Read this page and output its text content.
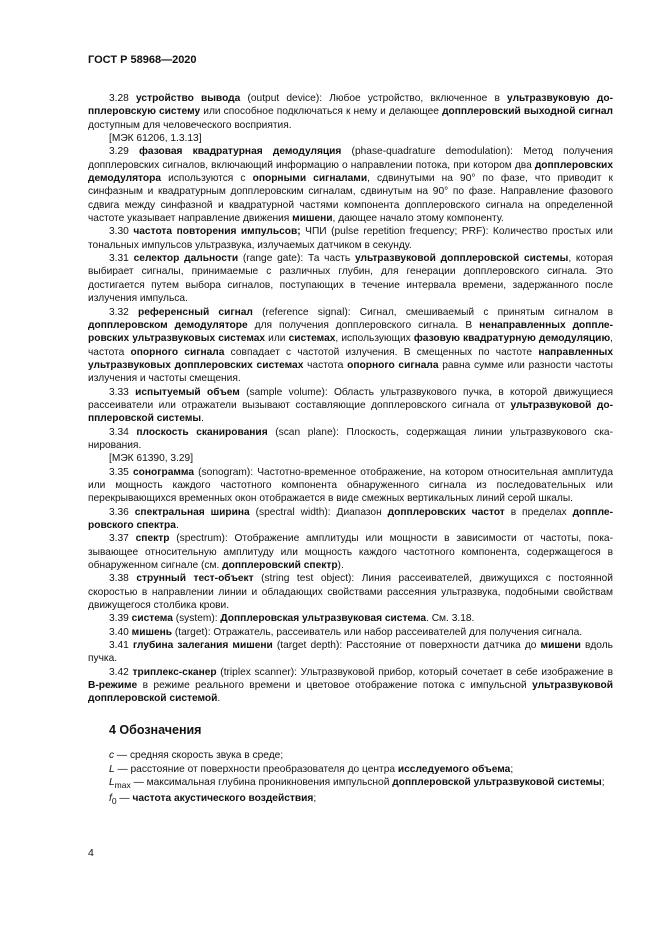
ГОСТ Р 58968—2020

3.28 устройство вывода (output device): Любое устройство, включенное в ультразвуковую допплеровскую систему или способное подключаться к нему и делающее допплеровский выходной сигнал доступным для человеческого восприятия.

[МЭК 61206, 1.3.13]

3.29 фазовая квадратурная демодуляция (phase-quadrature demodulation): Метод получения допплеровских сигналов, включающий информацию о направлении потока, при котором два допплеровских демодулятора используются с опорными сигналами, сдвинутыми на 90° по фазе, что приводит к синфазным и квадратурным допплеровским сигналам, сдвинутым на 90° по фазе. Направление фазового сдвига между синфазной и квадратурной частями компонента допплеровского сигнала на определенной частоте указывает направление движения мишени, дающее начало этому компоненту.

3.30 частота повторения импульсов; ЧПИ (pulse repetition frequency; PRF): Количество простых или тональных импульсов ультразвука, излучаемых датчиком в секунду.

3.31 селектор дальности (range gate): Та часть ультразвуковой допплеровской системы, которая выбирает сигналы, принимаемые с различных глубин, для генерации допплеровского сигнала. Это достигается путем выбора сигналов, поступающих в течение интервала времени, задержанного после излучения импульса.

3.32 референсный сигнал (reference signal): Сигнал, смешиваемый с принятым сигналом в допплеровском демодуляторе для получения допплеровского сигнала. В ненаправленных допплеровских ультразвуковых системах или системах, использующих фазовую квадратурную демодуляцию, частота опорного сигнала совпадает с частотой излучения. В смещенных по частоте направленных ультразвуковых допплеровских системах частота опорного сигнала равна сумме или разности частоты излучения и частоты смещения.

3.33 испытуемый объем (sample volume): Область ультразвукового пучка, в которой движущиеся рассеиватели или отражатели вызывают составляющие допплеровского сигнала от ультразвуковой допплеровской системы.

3.34 плоскость сканирования (scan plane): Плоскость, содержащая линии ультразвукового сканирования.

[МЭК 61390, 3.29]

3.35 сонограмма (sonogram): Частотно-временное отображение, на котором относительная амплитуда или мощность каждого частотного компонента обнаруженного сигнала из последовательных или перекрывающихся временных окон отображается в виде смежных вертикальных линий серой шкалы.

3.36 спектральная ширина (spectral width): Диапазон допплеровских частот в пределах допплеровского спектра.

3.37 спектр (spectrum): Отображение амплитуды или мощности в зависимости от частоты, показывающее относительную амплитуду или мощность каждого частотного компонента, содержащегося в обнаруженном сигнале (см. допплеровский спектр).

3.38 струнный тест-объект (string test object): Линия рассеивателей, движущихся с постоянной скоростью в направлении линии и обладающих свойствами рассеяния ультразвука, подобными свойствам движущегося столбика крови.

3.39 система (system): Допплеровская ультразвуковая система. См. 3.18.

3.40 мишень (target): Отражатель, рассеиватель или набор рассеивателей для получения сигнала.

3.41 глубина залегания мишени (target depth): Расстояние от поверхности датчика до мишени вдоль пучка.

3.42 триплекс-сканер (triplex scanner): Ультразвуковой прибор, который сочетает в себе изображение в В-режиме в режиме реального времени и цветовое отображение потока с импульсной ультразвуковой допплеровской системой.

4 Обозначения

c — средняя скорость звука в среде;

L — расстояние от поверхности преобразователя до центра исследуемого объема;

$L_{max}$ — максимальная глубина проникновения импульсной допплеровской ультразвуковой системы;

$f_0$ — частота акустического воздействия;

4
